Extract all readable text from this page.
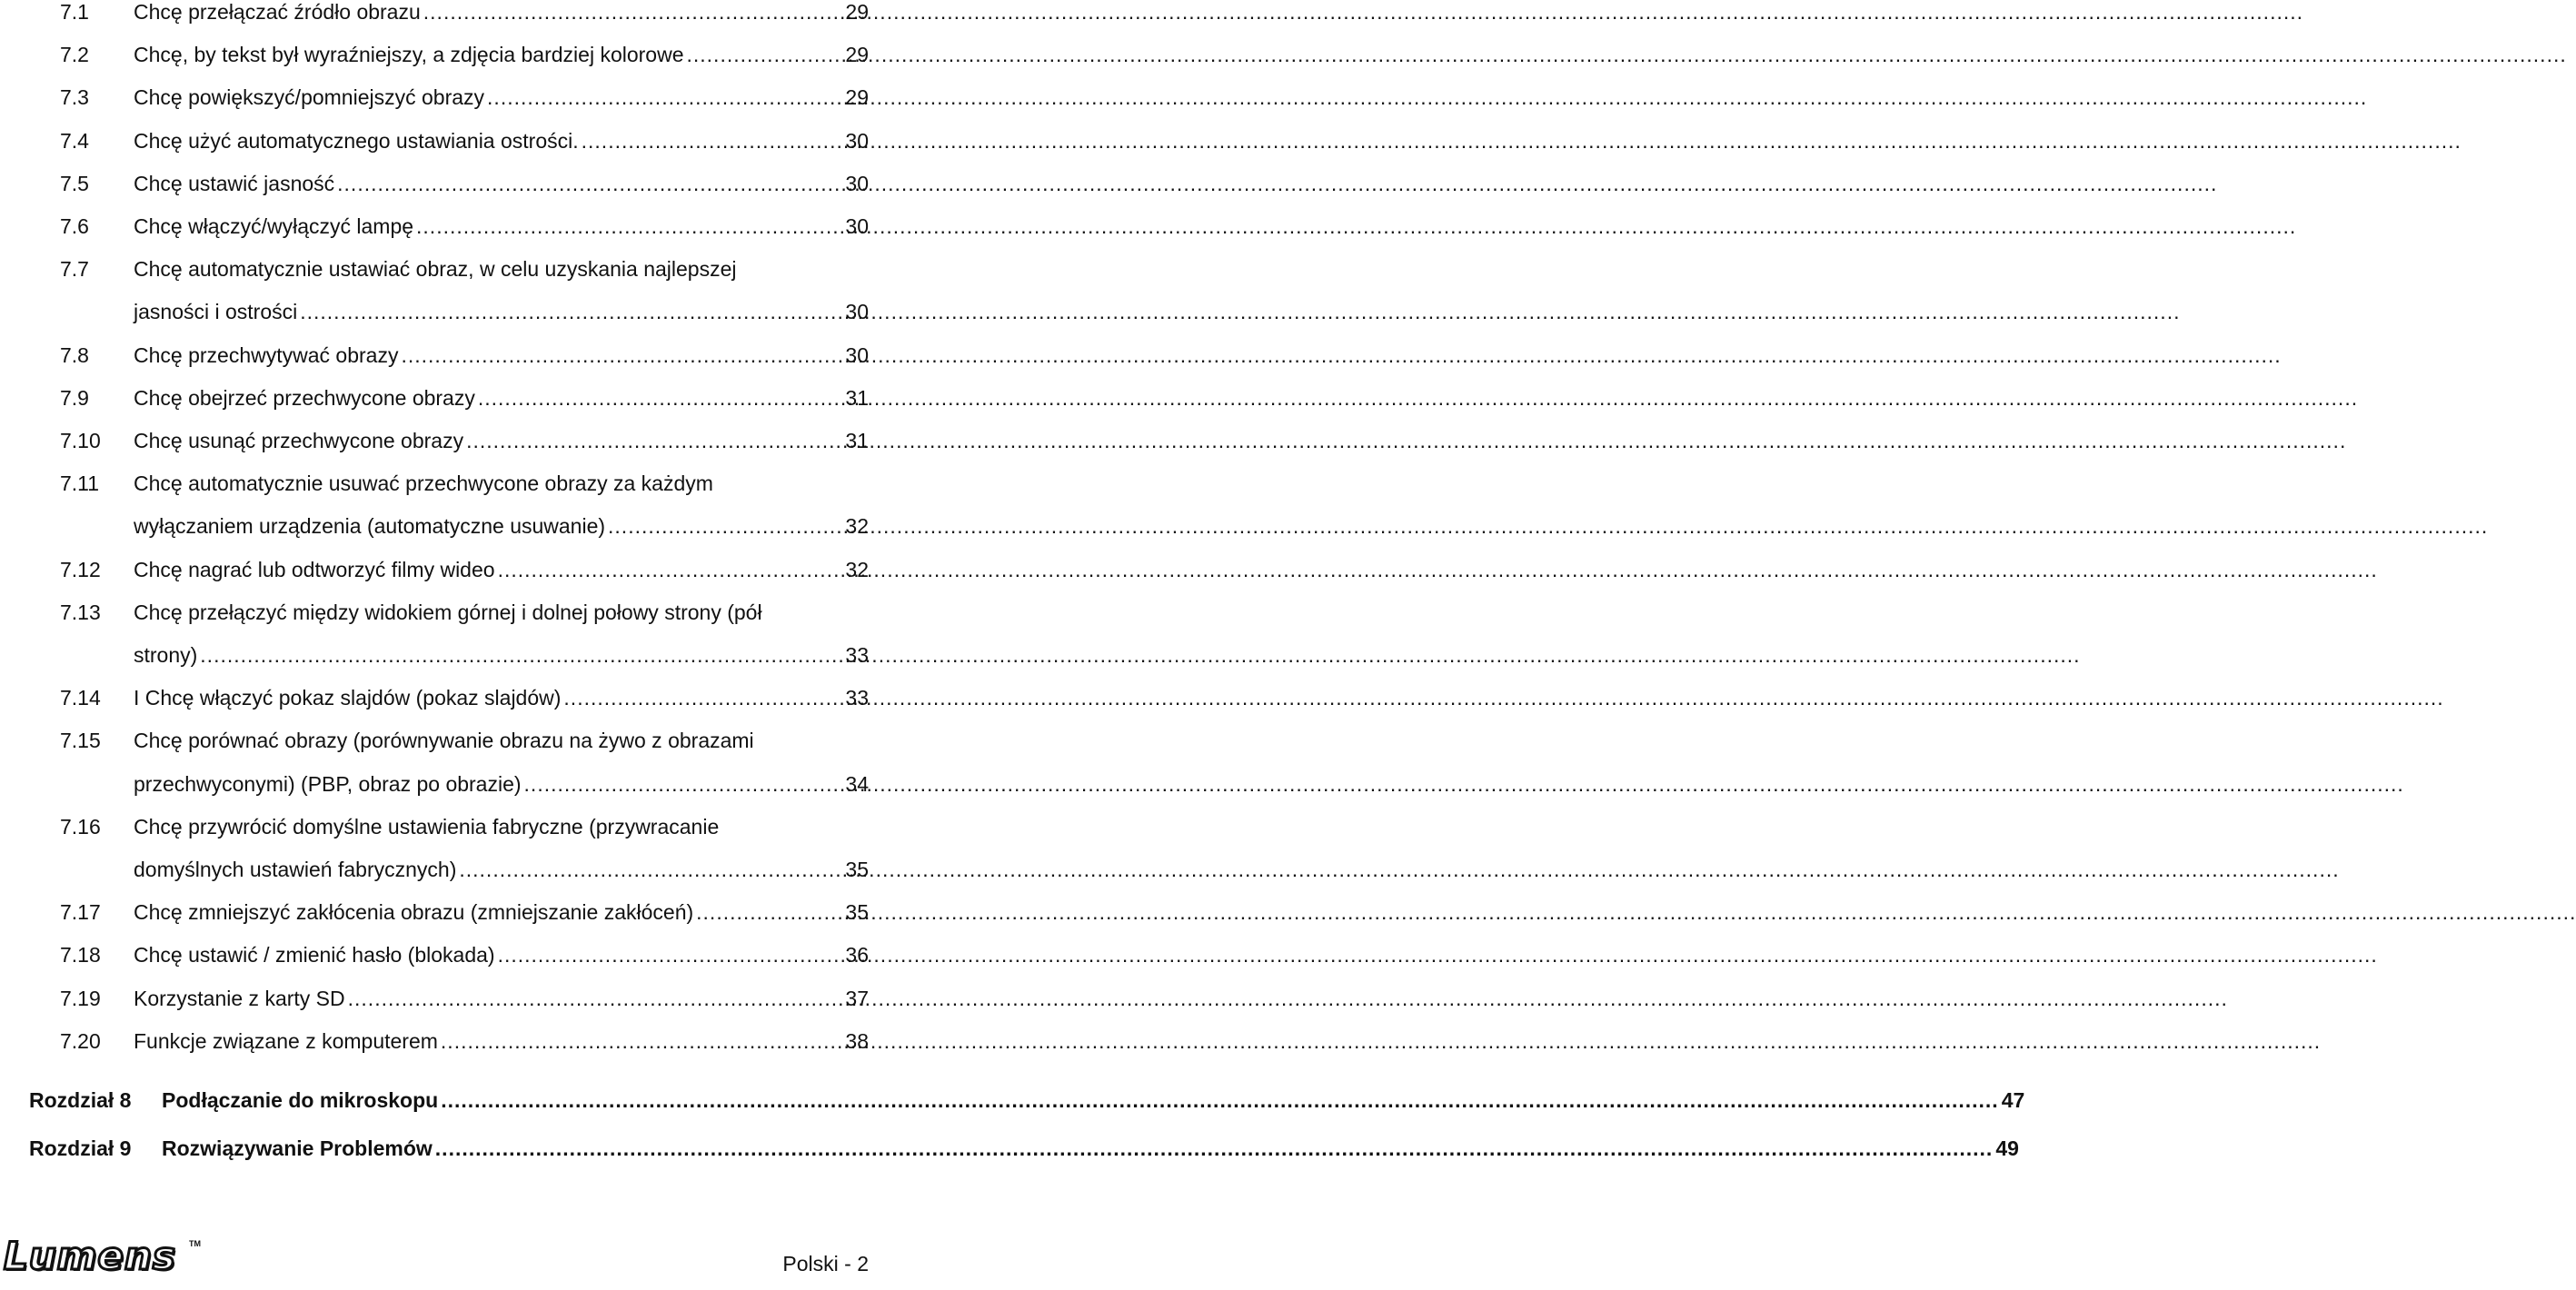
7.1	Chcę przełączać źródło obrazu .....	29
7.2	Chcę, by tekst był wyraźniejszy, a zdjęcia bardziej kolorowe .....	29
7.3	Chcę powiększyć/pomniejszyć obrazy .....	29
7.4	Chcę użyć automatycznego ustawiania ostrości. .....	30
7.5	Chcę ustawić jasność .....	30
7.6	Chcę włączyć/wyłączyć lampę .....	30
7.7	Chcę automatycznie ustawiać obraz, w celu uzyskania najlepszej
jasności i ostrości .....	30
7.8	Chcę przechwytywać obrazy .....	30
7.9	Chcę obejrzeć przechwycone obrazy .....	31
7.10	Chcę usunąć przechwycone obrazy .....	31
7.11	Chcę automatycznie usuwać przechwycone obrazy za każdym
wyłączaniem urządzenia (automatyczne usuwanie) .....	32
7.12	Chcę nagrać lub odtworzyć filmy wideo .....	32
7.13	Chcę przełączyć między widokiem górnej i dolnej połowy strony (pół
strony) .....	33
7.14	I Chcę włączyć pokaz slajdów (pokaz slajdów) .....	33
7.15	Chcę porównać obrazy (porównywanie obrazu na żywo z obrazami
przechwyconymi) (PBP, obraz po obrazie) .....	34
7.16	Chcę przywrócić domyślne ustawienia fabryczne (przywracanie
domyślnych ustawień fabrycznych) .....	35
7.17	Chcę zmniejszyć zakłócenia obrazu (zmniejszanie zakłóceń) .....	35
7.18	Chcę ustawić / zmienić hasło (blokada) .....	36
7.19	Korzystanie z karty SD .....	37
7.20	Funkcje związane z komputerem .....	38
Rozdział 8	Podłączanie do mikroskopu .....	47
Rozdział 9	Rozwiązywanie Problemów .....	49
Lumens TM
Polski - 2
